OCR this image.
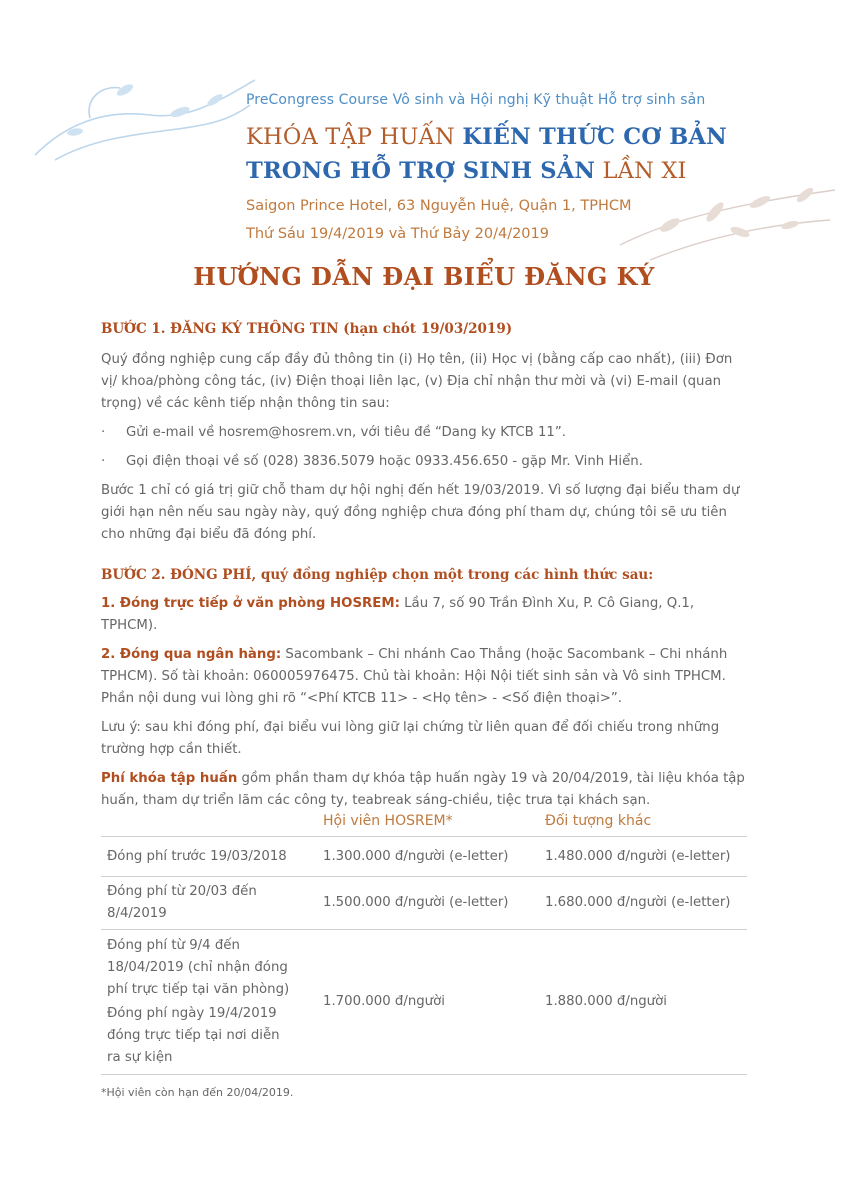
PreCongress Course Vô sinh và Hội nghị Kỹ thuật Hỗ trợ sinh sản
KHÓA TẬP HUẤN KIẾN THỨC CƠ BẢN
TRONG HỖ TRỢ SINH SẢN LẦN XI
Saigon Prince Hotel, 63 Nguyễn Huệ, Quận 1, TPHCM
Thứ Sáu 19/4/2019 và Thứ Bảy 20/4/2019
HƯỚNG DẪN ĐẠI BIỂU ĐĂNG KÝ
BƯỚC 1. ĐĂNG KÝ THÔNG TIN (hạn chót 19/03/2019)

Quý đồng nghiệp cung cấp đầy đủ thông tin (i) Họ tên, (ii) Học vị (bằng cấp cao nhất), (iii) Đơn vị/ khoa/phòng công tác, (iv) Điện thoại liên lạc, (v) Địa chỉ nhận thư mời và (vi) E-mail (quan trọng) về các kênh tiếp nhận thông tin sau:

· Gửi e-mail về hosrem@hosrem.vn, với tiêu đề “Dang ky KTCB 11”.
· Gọi điện thoại về số (028) 3836.5079 hoặc 0933.456.650 - gặp Mr. Vinh Hiển.

Bước 1 chỉ có giá trị giữ chỗ tham dự hội nghị đến hết 19/03/2019. Vì số lượng đại biểu tham dự giới hạn nên nếu sau ngày này, quý đồng nghiệp chưa đóng phí tham dự, chúng tôi sẽ ưu tiên cho những đại biểu đã đóng phí.

BƯỚC 2. ĐÓNG PHÍ, quý đồng nghiệp chọn một trong các hình thức sau:

1. Đóng trực tiếp ở văn phòng HOSREM: Lầu 7, số 90 Trần Đình Xu, P. Cô Giang, Q.1, TPHCM).

2. Đóng qua ngân hàng: Sacombank – Chi nhánh Cao Thắng (hoặc Sacombank – Chi nhánh TPHCM). Số tài khoản: 060005976475. Chủ tài khoản: Hội Nội tiết sinh sản và Vô sinh TPHCM. Phần nội dung vui lòng ghi rõ “<Phí KTCB 11> - <Họ tên> - <Số điện thoại>”.

Lưu ý: sau khi đóng phí, đại biểu vui lòng giữ lại chứng từ liên quan để đối chiếu trong những trường hợp cần thiết.

Phí khóa tập huấn gồm phần tham dự khóa tập huấn ngày 19 và 20/04/2019, tài liệu khóa tập huấn, tham dự triển lãm các công ty, teabreak sáng-chiều, tiệc trưa tại khách sạn.

	Hội viên HOSREM*	Đối tượng khác
Đóng phí trước 19/03/2018	1.300.000 đ/người (e-letter)	1.480.000 đ/người (e-letter)
Đóng phí từ 20/03 đến 8/4/2019	1.500.000 đ/người (e-letter)	1.680.000 đ/người (e-letter)

Đóng phí từ 9/4 đến 18/04/2019 (chỉ nhận đóng phí trực tiếp tại văn phòng)
Đóng phí ngày 19/4/2019 đóng trực tiếp tại nơi diễn ra sự kiện	1.700.000 đ/người	1.880.000 đ/người
*Hội viên còn hạn đến 20/04/2019.
